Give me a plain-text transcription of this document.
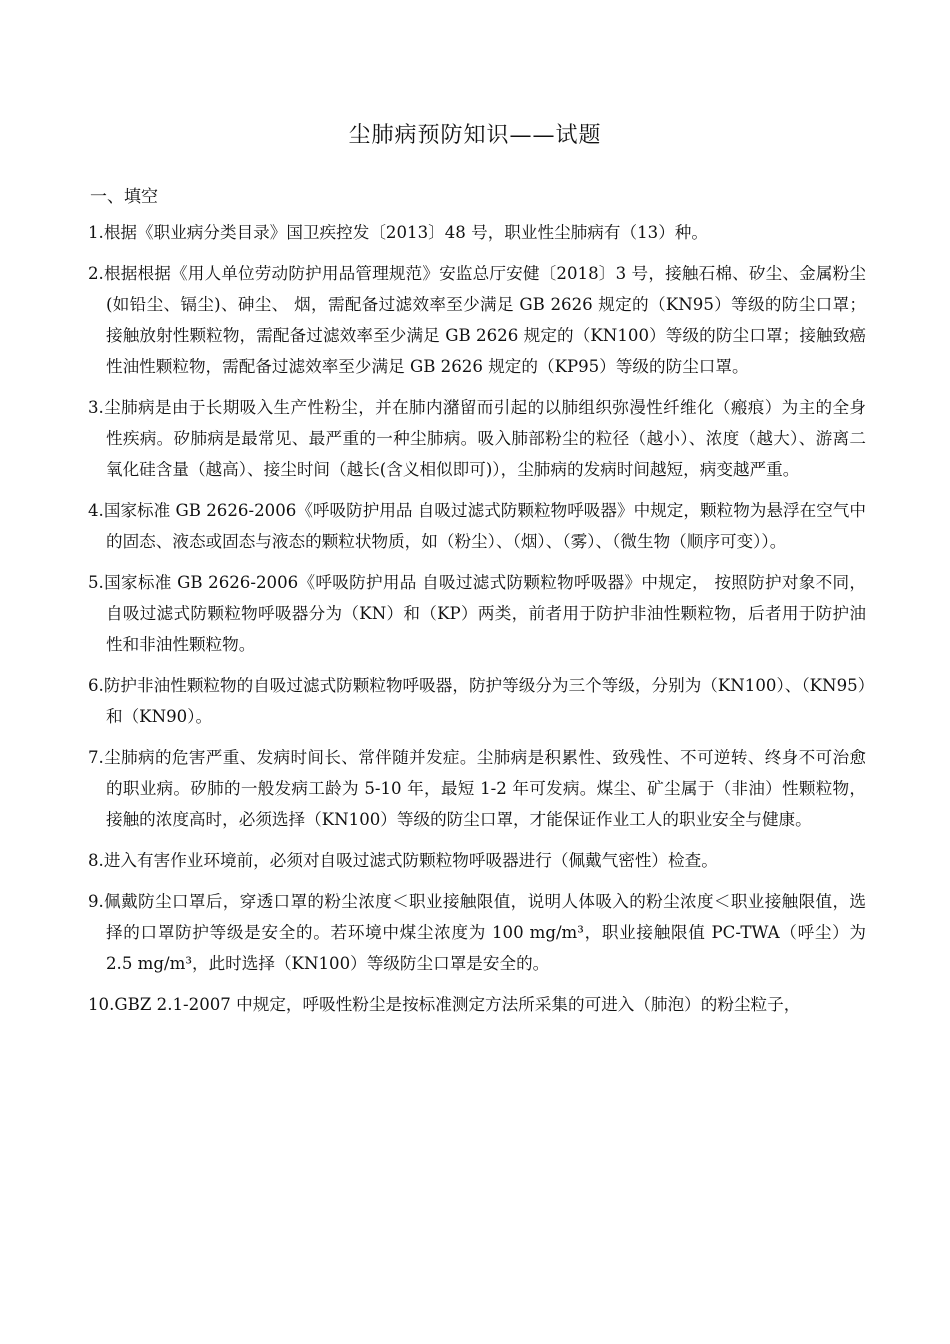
尘肺病预防知识——试题
一、填空

1.根据《职业病分类目录》国卫疾控发〔2013〕48 号，职业性尘肺病有（13）种。

2.根据根据《用人单位劳动防护用品管理规范》安监总厅安健〔2018〕3 号，接触石棉、矽尘、金属粉尘(如铅尘、镉尘)、砷尘、 烟，需配备过滤效率至少满足 GB 2626 规定的（KN95）等级的防尘口罩；接触放射性颗粒物，需配备过滤效率至少满足 GB 2626 规定的（KN100）等级的防尘口罩；接触致癌性油性颗粒物，需配备过滤效率至少满足 GB 2626 规定的（KP95）等级的防尘口罩。

3.尘肺病是由于长期吸入生产性粉尘，并在肺内潴留而引起的以肺组织弥漫性纤维化（瘢痕）为主的全身性疾病。矽肺病是最常见、最严重的一种尘肺病。吸入肺部粉尘的粒径（越小）、浓度（越大）、游离二氧化硅含量（越高）、接尘时间（越长(含义相似即可)），尘肺病的发病时间越短，病变越严重。

4.国家标准 GB 2626-2006《呼吸防护用品 自吸过滤式防颗粒物呼吸器》中规定，颗粒物为悬浮在空气中的固态、液态或固态与液态的颗粒状物质，如（粉尘）、（烟）、（雾）、（微生物（顺序可变））。

5.国家标准 GB 2626-2006《呼吸防护用品 自吸过滤式防颗粒物呼吸器》中规定， 按照防护对象不同，自吸过滤式防颗粒物呼吸器分为（KN）和（KP）两类，前者用于防护非油性颗粒物，后者用于防护油性和非油性颗粒物。

6.防护非油性颗粒物的自吸过滤式防颗粒物呼吸器，防护等级分为三个等级，分别为（KN100）、（KN95）和（KN90）。

7.尘肺病的危害严重、发病时间长、常伴随并发症。尘肺病是积累性、致残性、不可逆转、终身不可治愈的职业病。矽肺的一般发病工龄为 5-10 年，最短 1-2 年可发病。煤尘、矿尘属于（非油）性颗粒物，接触的浓度高时，必须选择（KN100）等级的防尘口罩，才能保证作业工人的职业安全与健康。

8.进入有害作业环境前，必须对自吸过滤式防颗粒物呼吸器进行（佩戴气密性）检查。

9.佩戴防尘口罩后，穿透口罩的粉尘浓度＜职业接触限值，说明人体吸入的粉尘浓度＜职业接触限值，选择的口罩防护等级是安全的。若环境中煤尘浓度为 100 mg/m³，职业接触限值 PC-TWA（呼尘）为2.5 mg/m³，此时选择（KN100）等级防尘口罩是安全的。

10.GBZ 2.1-2007 中规定，呼吸性粉尘是按标准测定方法所采集的可进入（肺泡）的粉尘粒子，
